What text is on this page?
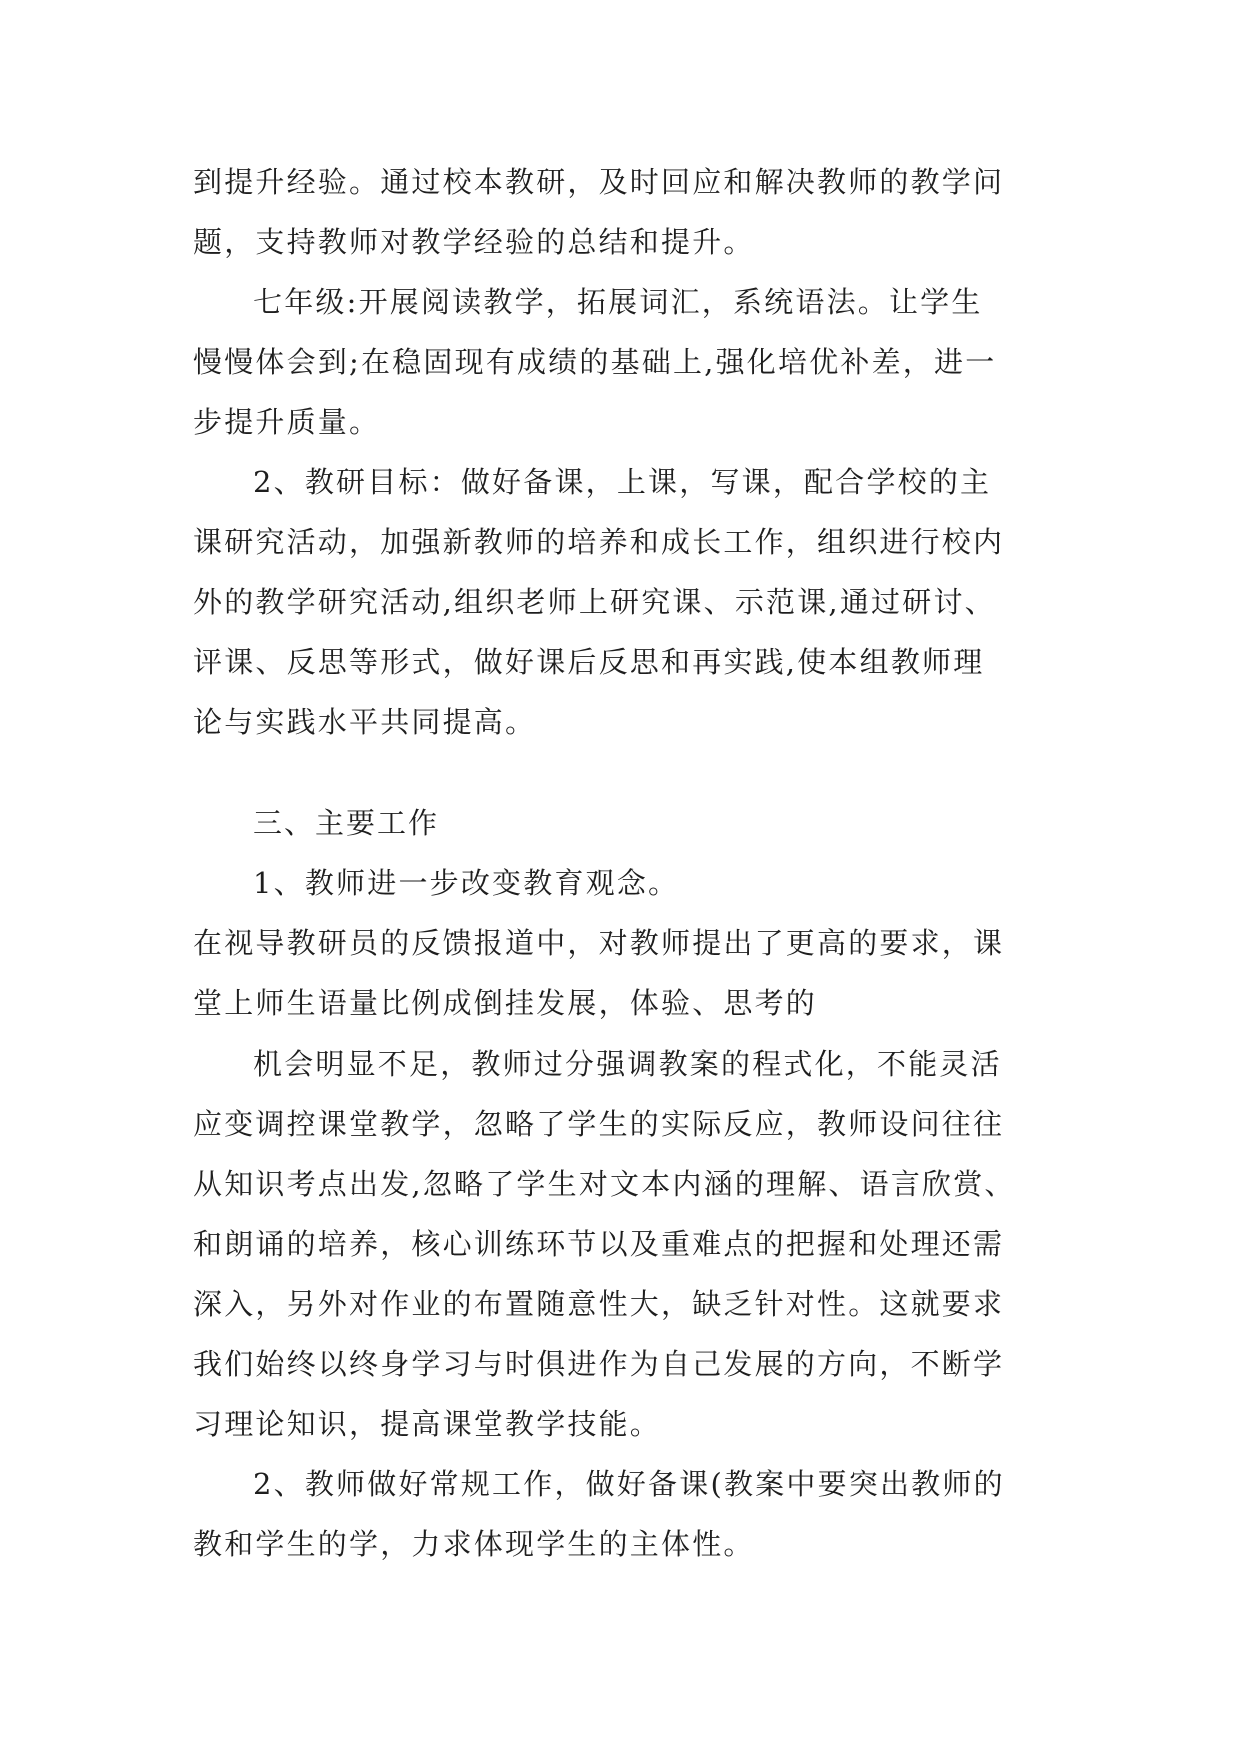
到提升经验。通过校本教研，及时回应和解决教师的教学问
题，支持教师对教学经验的总结和提升。
七年级:开展阅读教学，拓展词汇，系统语法。让学生
慢慢体会到;在稳固现有成绩的基础上,强化培优补差，进一
步提升质量。
2、教研目标：做好备课，上课，写课，配合学校的主
课研究活动，加强新教师的培养和成长工作，组织进行校内
外的教学研究活动,组织老师上研究课、示范课,通过研讨、
评课、反思等形式，做好课后反思和再实践,使本组教师理
论与实践水平共同提高。
三、主要工作
1、教师进一步改变教育观念。
在视导教研员的反馈报道中，对教师提出了更高的要求，课
堂上师生语量比例成倒挂发展，体验、思考的
机会明显不足，教师过分强调教案的程式化，不能灵活
应变调控课堂教学，忽略了学生的实际反应，教师设问往往
从知识考点出发,忽略了学生对文本内涵的理解、语言欣赏、
和朗诵的培养，核心训练环节以及重难点的把握和处理还需
深入，另外对作业的布置随意性大，缺乏针对性。这就要求
我们始终以终身学习与时俱进作为自己发展的方向，不断学
习理论知识，提高课堂教学技能。
2、教师做好常规工作，做好备课(教案中要突出教师的
教和学生的学，力求体现学生的主体性。
